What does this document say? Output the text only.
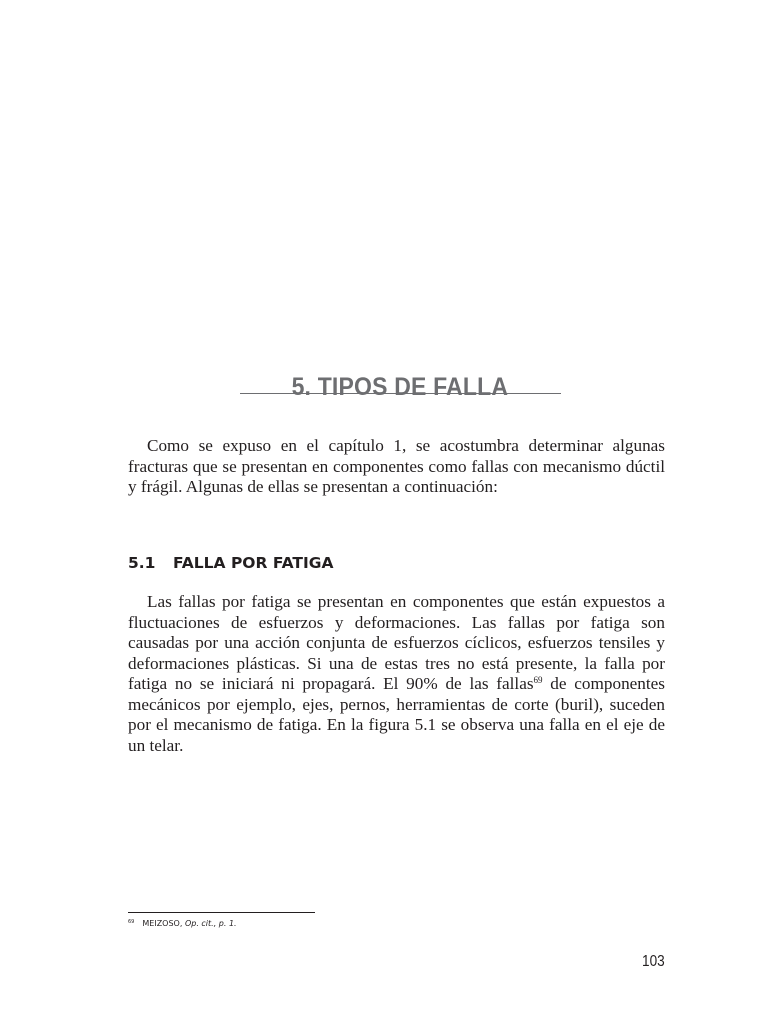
5. TIPOS DE FALLA

Como se expuso en el capítulo 1, se acostumbra determinar algunas fracturas que se presentan en componentes como fallas con mecanismo dúctil y frágil. Algunas de ellas se presentan a continuación:

5.1 FALLA POR FATIGA

Las fallas por fatiga se presentan en componentes que están expuestos a fluctuaciones de esfuerzos y deformaciones. Las fallas por fatiga son causadas por una acción conjunta de esfuerzos cíclicos, esfuerzos tensiles y deformaciones plásticas. Si una de estas tres no está presente, la falla por fatiga no se iniciará ni propagará. El 90% de las fallas$^{69}$ de componentes mecánicos por ejemplo, ejes, pernos, herramientas de corte (buril), suceden por el mecanismo de fatiga. En la figura 5.1 se observa una falla en el eje de un telar.

$^{69}$ MEIZOSO, Op. cit., p. 1.
103
